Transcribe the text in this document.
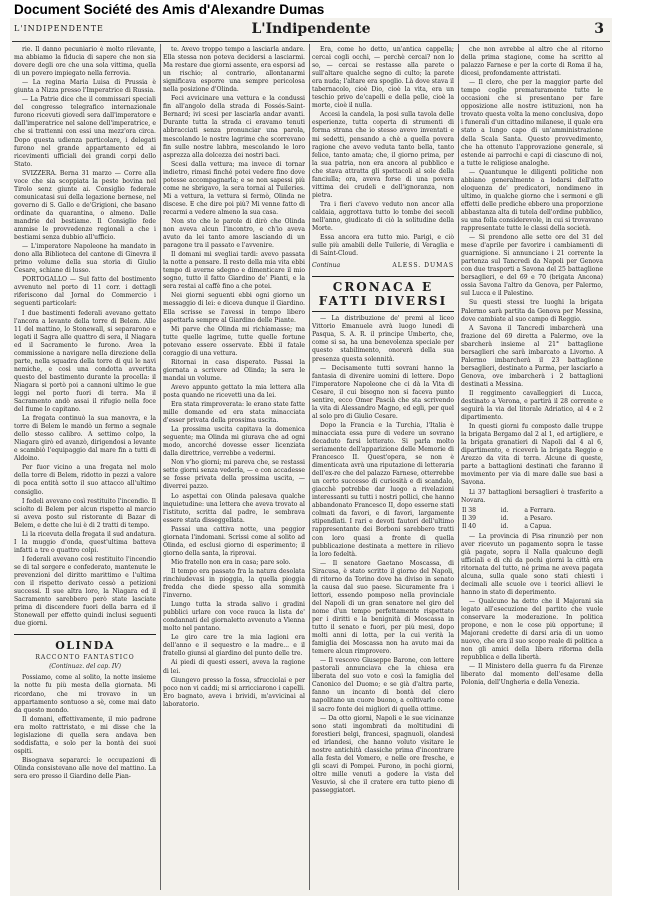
Document Société des Amis d'Alexandre Dumas
L'INDIPENDENTE	L'Indipendente	3

rie. Il danno pecuniario è molto rilevante, ma abbiamo la fiducia di sapere che non sia dovere degli ore che una sola vittima, quella di un povero impiegato nella ferrovia.

— La regina Maria Luisa di Prussia è giunta a Nizza presso l'Imperatrice di Russia.

— La Patrie dice che il commissari speciali del congresso telegrafico internazionale furono ricevuti giovedì sera dall'imperatore e dall'imperatrice nel salone dell'imperatrice, e che si trattenni con essi una mezz'ora circa. Dopo questa udienza particolare, i delegati furono nel grande appartamento ed ai ricevimenti ufficiali dei grandi corpi dello Stato.

SVIZZERA. Berna 31 marzo — Corre alla voce che sia scoppiata la peste bovina nel Tirolo senz giunte ai. Consiglio federale comunicatasi sui della legazione bernese, nel governo di S. Gallo e de'Grigioni, che basano ordinate da quarantina, o almeno. Dalle mandrie del bestiame. Il Consiglio fede ammise le provvedenze regionali a che i bestiami senza dubbio all'ufficio.

— L'imperatore Napoleone ha mandato in dono alla Biblioteca del cantone di Ginevra il primo volume della sua storia di Giulio Cesare, schiane di lusso.

PORTOGALLO — Sul fatto del bostimento avvenuto nel porto di 11 corr. i dettagli riferiscono dal Jornal do Commercio i seguenti particolari:

I due bastimenti federali avevano gettato l'ancora a levante della torre di Belem. Alle 11 del mattino, lo Stonewall, si separarono e legati il Sagra alle quattro di sera, il Niagara ed il Sacramento le furono. Avea la commissione a navigare nella direzione della parte, nella squadra della torre di qui le navi nemiche, e così una condotta avvertita questo del bastimento durante la procella: il Niagara si portò poi a cannoni ultimo le gue leggi nel porto fuori di terra. Ma il Sacramento andò assai il rifugio nella foce del fiume lo capitano.

La fregata continuò la sua manovra, e la torre di Belem le mandò un fermo a segnale dello stesso calibro. A settimo colpo, la Niagara girò ed avanzò, dirigendosi a levante e scambiò l'equipaggio dal mare fin a tutti di Aldoino.

Per fuor vicino a una fregata nel molo della torre di Belem, ridotto in pezzi a valore di poca entità sotto il suo attacco all'ultimo consiglio.

I fedeli avevano così restituito l'incendio. Il sciolto di Belem per alcun rispetto al marcio si aveva posto sul ristorante di Bazar di Belem, e dette che lui è di 2 tratti di tempo.

Li la ricevuta della fregata il sud andatura. I la muggio d'onda, quest'ultima batteva infatti a tre o quattro colpi.

I federali avevano così restituito l'incendio se di tal sorgere e confederato, mantenute le prevenzioni del diritto marittimo e l'ultima con il rispetto derivato cessò a petizioni successi. Il sue altra loro, la Niagara ed il Sacramento sarebbero però state lasciate prima di discendere fuori della barra ed il Stonewall per effetto quindi inclusi seguenti due giorni.

OLINDA
RACCONTO FANTASTICO
(Continuaz. del cap. IV)

Possiamo, come al solito, la notte insieme la notte fu più mesta della giornata. Mi ricordano, che mi trovavo in un appartamento sontuoso a sè, come mai dato da questo mondo.

Il domani, effettivamente, il mio padrone era molto rattristato, e mi disse che la legislazione di quella sera andava ben soddisfatta, e solo per la bontà dei suoi ospiti.

Bisognava separarci: le occupazioni di Olinda consistevano alle nove del mattino. La sera ero presso il Giardino delle Pian-

te. Avevo troppo tempo a lasciarla andare. Ella stessa non poteva decidersi a lasciarmi. Ma restare due giorni assente, era esporsi ad un rischio; al contrario, allontanarmi significava esporre una sempre pericolosa nella posizione d'Olinda.

Feci avvicinare una vettura e la condussi fin all'angolo della strada di Fossés-Saint-Bernard; ivi scesi per lasciarla andar avanti. Durante tutta la strada ci eravamo tenuti abbracciati senza pronunciar una parola, mescolando le nostre lagrime che scorrevano fin sulle nostre labbra, mescolando le loro asprezza alla dolcezza dei nostri baci.

Scesi dalla vettura; ma invece di tornar indietro, rimasi finché potei vedere fino dove potesse accompagnarla; e se non sapessi più come ne sbrigavo, la sera tornai al Tuileries. Mi a vettura, la vettura si fermò, Olinda ne discese. E che dire poi più? Mi venne fatto di recarmi a vedere almeno la sua casa.

Non sto che le parole di dirò che Olinda non aveva alcun l'incontro, e ch'io aveva avuto da lei tanto amore lasciando di un paragone tra il passato e l'avvenire.

Il domani mi svegliai tardi: avevo passata la notte a pensare. Il resto della mia vita ebbi tempo di averne sdegno e dimenticare il mio sogno, tutto il fatto Giardino de' Pianti, e la sera restai al caffè fino a che potei.

Nei giorni seguenti ebbi ogni giorno un messaggio di lei: e diceva dunque il Giardino. Ella scrisse se l'avessi in tempo libero aspettarla sempre al Giardino delle Piante.

Mi parve che Olinda mi richiamasse; ma tutte quelle lagrime, tutte quelle fortune potevano essere osservate. Ebbi il fatale coraggio di una vettura.

Ritornai in casa disperato. Passai la giornata a scrivere ad Olinda; la sera le mandai un volume.

Avevo appunto gettato la mia lettera alla posta quando ne ricevetti una da lei.

Era stata rimproverata: le erano state fatte mille domande ed era stata minacciata d'esser privata della prossima uscita.

La prossima uscita capitava la domenica seguente; ma Olinda mi giurava che ad ogni modo, ancorché dovesse esser licenziata dalla direttrice, verrebbe a vedermi.

Non v'ho giorni; mi pareva che, se restassi sette giorni senza vederla, — e con accadesse se fosse privata della prossima uscita, — diverrei pazzo.

Lo aspettai con Olinda palesava qualche inquietudine: una lettera che aveva trovato al l'istituto, scritta dal padre, le sembrava essere stata disseggellata.

Passai una cattiva notte, una peggior giornata l'indomani. Scrissi come al solito ad Olinda, ed esclusi giorno di esperimento; il giorno della santa, la riprovai.

Mio fratello non era in casa; pare solo.

Il tempo era passato fra la natura desolata rinchiudevasi in pioggia, la quella pioggia fredda che diede spesso alla sommità l'inverno.

Lungo tutta la strada salivo i gradini pubblici urlare con voce rauca la lista de' condannati del giornaletto avvenuto a Vienna molto nel pantano.

Le giro care tre la mia lagioni era dell'anno e il sequestro e la madre... e il fratello giunsi al giardino del punto delle tre.

Ai piedi di questi esseri, aveva la ragione di lei.

Giungevo presso la fossa, sfrucciolai e per poco non vi caddi; mi si arricciarono i capelli. Ero bagnato, aveva i brividi, m'avvicinai al laboratorio.

Era, come ho detto, un'antica cappella; cercai cogli occhi, — perchè cercai? non lo so, — cercai se restasse alla parete o sull'altare qualche segno di culto; la parete era nuda; l'altare era spoglio. Là dove stava il tabernacolo, cioè Dio, cioè la vita, era un teschio privo de'capelli e della pelle, cioè la morte, cioè il nulla.

Accesi la candela, la posi sulla tavola delle esperienze, tutta coperta di strumenti di forma strana che io stesso avevo inventati e mi sedetti, pensando a chè a quella povera ragione che avevo veduta tanto bella, tanto felice, tanto amata; che, il giorno prima, per la sua patria, non era ancora al pubblico e che stava attratta gli spettacoli al sole della fanciulla; ora, aveva forse di una povera vittima dei crudeli e dell'ignoranza, non pietra.

Tra i fieri c'avevo veduto non ancor alla caldaia, aggrottava tutto lo tombe dei secoli nell'anno, giudicato di ciò la solitudine della Morte.

Essa ancora era tutto mio. Parigi, e ciò sulle più amabili delle Tuilerie, di Veraglia e di Saint-Cloud.

Continua	ALESS. DUMAS
CRONACA E FATTI DIVERSI

— La distribuzione de' premi al liceo Vittorio Emanuele avrà luogo lunedì di Pasqua, S. A. R. il principe Umberto, che, come si sa, ha una benevolenza speciale per questo stabilimento, onorerà della sua presenza questa solennità.

— Decisamente tutti sovrani hanno la fantasia di divenire uomini di lettere. Dopo l'imperatore Napoleone che ci dà la Vita di Cesare, il cui bisogno non si faceva punto sentire, ecco Omer Pascià che sta scrivendo la vita di Alessandro Magno, ed egli, per quel al solo pro di Giulio Cesare.

Dopo la Francia e la Turchia, l'Italia è minacciata essa pure di vedere un sovrano decaduto farsi letterato. Si parla molto seriamente dell'apparizione delle Memorie di Francesco II. Quest'opera, se non è dimenticata avrà una riputazione di letteraria dell'ex-re che del palazzo Farnese, otterrebbe un certo successo di curiosità e di scandalo, giacchè potrebbe dar luogo a rivelazioni interessanti su tutti i nostri pollici, che hanno abbandonato Francesco II, dopo esserne stati colmati da favori, e di favori, largamente stipendiati. I rari e devoti fautori dell'ultimo rappresentante dei Borboni sarebbero tratti con loro quasi a fronte di quella pubblicazione destinata a mettere in rilievo la loro fedeltà.

— Il senatore Gaetano Moscassa, di Siracusa, è stato scritto il giorno del Napoli, di ritorno da Torino dove ha diviso in senato la causa dal suo paese. Sicuramente fra i lettori, essendo pomposo nella provinciale del Napoli di un gran senatore nel giro del nome d'un tempo perfettamente rispettato per i diritti e la benignità di Moscassa in tutto il senato e fuori, per più mesi, dopo molti anni di lotta, per la cui verità la famiglia dei Moscassa non ha avuto mai da temere alcun rimprovero.

— Il vescovo Giuseppe Barone, con lettere pastorali annunciava che la chiesa era liberata del suo voto e così la famiglia del Canonico del Duomo; e se già d'altra parte, fanno un incanto di bontà del clero napolitano un cuore buono, a coltivarlo come il sacro fonte dei migliori di quella ottime.

— Da otto giorni, Napoli e le sue vicinanze sono stati ingombrati da moltitudini di forestieri belgi, francesi, spagnuoli, olandesi ed irlandesi, che hanno voluto visitare le nostre antichità classiche prima d'incontrare alla festa del Vomero, e nelle ore fresche, e gli scavi di Pompei. Furono, in pochi giorni, oltre mille venuti a godere la vista del Vesuvio, sì che il cratere era tutto pieno di passeggiatori.

che non avrebbe al altro che al ritorno della prima stagione, come ha scritto al palazzo Farnese e per la corte di Roma il ha, dicesi, profondamente attristati.

— Il clero, che per la maggior parte del tempo coglie prematuramente tutte le occasioni che si presentano per fare opposizione alle nostre istituzioni, non ha trovato questa volta la meno conclusiva, dopo i funerali d'un cittadino milanese, il quale era stato a lungo capo di un'amministrazione della Scala Santa. Questo provvedimento, che ha ottenuto l'approvazione generale, si estende ai parrochi e capi di ciascuno di noi, a tutte le religiose analoghe.

— Quantunque le diligenti politiche non abbiano generalmente a lodarsi dell'atto eloquenza de' predicatori, nondimeno in ultimo, in qualche giorno che i sermoni e gli effetti delle prediche ebbero una proporzione abbastanza alta di tutela dell'ordine pubblico, su una folla considerevole, in cui si trovavano rappresentate tutte le classi della società.

— Si prendono alle sette ore del 31 del mese d'aprile per favorire i cambiamenti di guarnigione. Si annunciano i 21 corrente la partenza sul Tancredi da Napoli per Genova con due trasporti a Savona del 25 battaglione bersaglieri, e del 69 e 70 (brigata Ancona) ossia Savona l'altro da Genova, per Palermo, sul Lucca e il Palestino.

Su questi stessi tre luoghi la brigata Palermo sarà partita da Genova per Messina, dove cambiate al suo campo di Reggio.

A Savona il Tancredi imbarcherà una frazione del 69 diretta a Palermo, ove la sbarcherà insieme al 21° battaglione bersaglieri che sarà imbarcato a Livorno. A Palermo imbarcherà il 23 battaglione bersaglieri, destinato a Parma, per lasciarlo a Genova, ove imbarcherà i 2 battaglioni destinati a Messina.

Il reggimento cavalleggieri di Lucca, destinato a Verona, e partirà il 28 corrente e seguirà la via del litorale Adriatico, al 4 e 2 dipartimento.

In questi giorni fu composto dalle truppe la brigata Bergamo dal 2 al 1, ed artigliere, e la brigata granatieri di Napoli dal 4 al 6, dipartimento, e riceverà la brigata Reggio e Arezzo da vita di terra. Alcune di queste, parte a battaglioni destinati che faranno il movimento per via di mare dalle sue basi a Savona.

Li 37 battaglioni bersaglieri è trasferito a Novara.

Il 38	id.	a Ferrara.
Il 39	id.	a Pesaro.
Il 40	id.	a Capua.

— La provincia di Pisa rinunziò per non aver ricevuto un pagamento sopra le tasse già pagate, sopra il Nalla qualcuno degli ufficiali e di chi da pochi giorni la città era ritornata del tutto, né prima ne aveva pagata alcuna, sulla quale sono stati chiesti i decimali alle scuole ove i teorici allievi le hanno in stato di deperimento.

— Qualcuno ha detto che il Majorani sia legato all'esecuzione del partito che vuole conservare la moderazione. In politica propone, e non le cose più opportune; il Majorani credette di darsi aria di un uomo nuovo, che era il suo scopo reale di politica a non gli amici della libera riforma della repubblica e della libertà.

— Il Ministero della guerra fu da Firenze liberato dal momento dell'esame della Polonia, dell'Ungheria e della Venezia.
